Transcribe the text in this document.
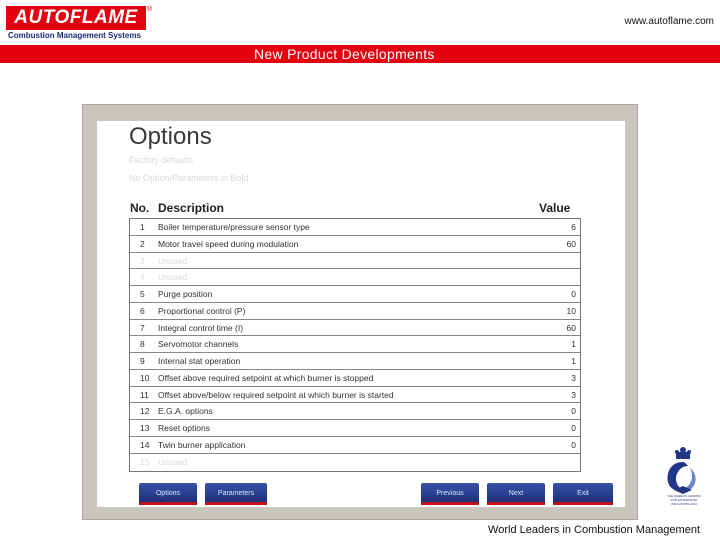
AUTOFLAME	®
Combustion Management Systems
www.autoflame.com
New Product Developments
Options
Factory defaults
No Option/Parameters in Bold
No. Description	Value
1	Boiler temperature/pressure sensor type	6
2	Motor travel speed during modulation	60
3	Unused
4	Unused
5	Purge position	0
6	Proportional control (P)	10
7	Integral control time (I)	60
8	Servomotor channels	1
9	Internal stat operation	1
10 Offset above required setpoint at which burner is stopped	3
11	Offset above/below required setpoint at which burner is started	3
12 E.G.A. options	0
13 Reset options	0
14 Twin burner application	0
15 Unused
Options	Parameters	Previous	Next	Exit	THE QUEEN'S AWARDS FOR ENTERPRISE INNOVATION 2013
World Leaders in Combustion Management
